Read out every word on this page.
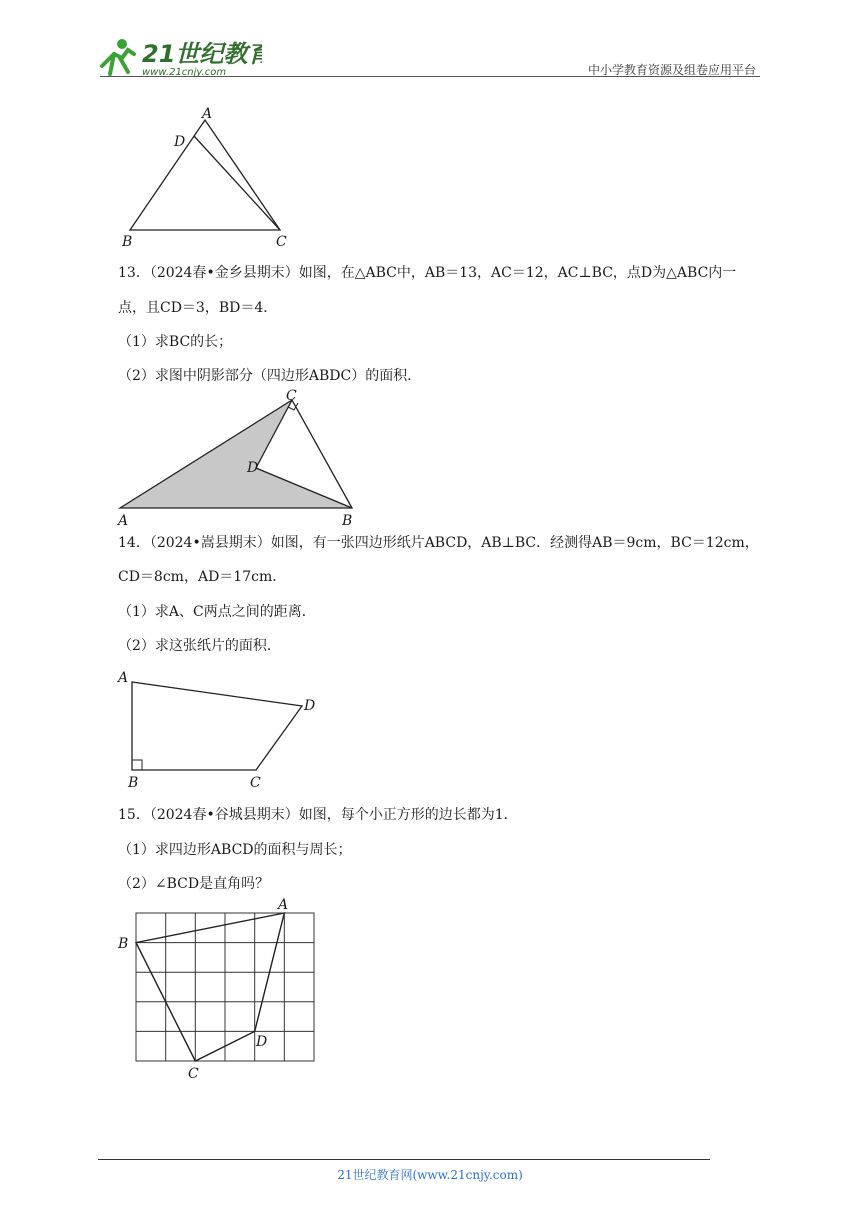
21世纪教育
www.21cnjy.com	中小学教育资源及组卷应用平台
A
D
B	C
13．（2024春•金乡县期末）如图，在△ABC中，AB＝13，AC＝12，AC⊥BC，点D为△ABC内一
点，且CD＝3，BD＝4．
（1）求BC的长；
（2）求图中阴影部分（四边形ABDC）的面积．
C
D
A	B
14．（2024•嵩县期末）如图，有一张四边形纸片ABCD，AB⊥BC．经测得AB＝9cm，BC＝12cm，
CD＝8cm，AD＝17cm．
（1）求A、C两点之间的距离．
（2）求这张纸片的面积．
A
D
B	C
15．（2024春•谷城县期末）如图，每个小正方形的边长都为1．
（1）求四边形ABCD的面积与周长；
（2）∠BCD是直角吗？
A
B
C
D
21世纪教育网(www.21cnjy.com)
